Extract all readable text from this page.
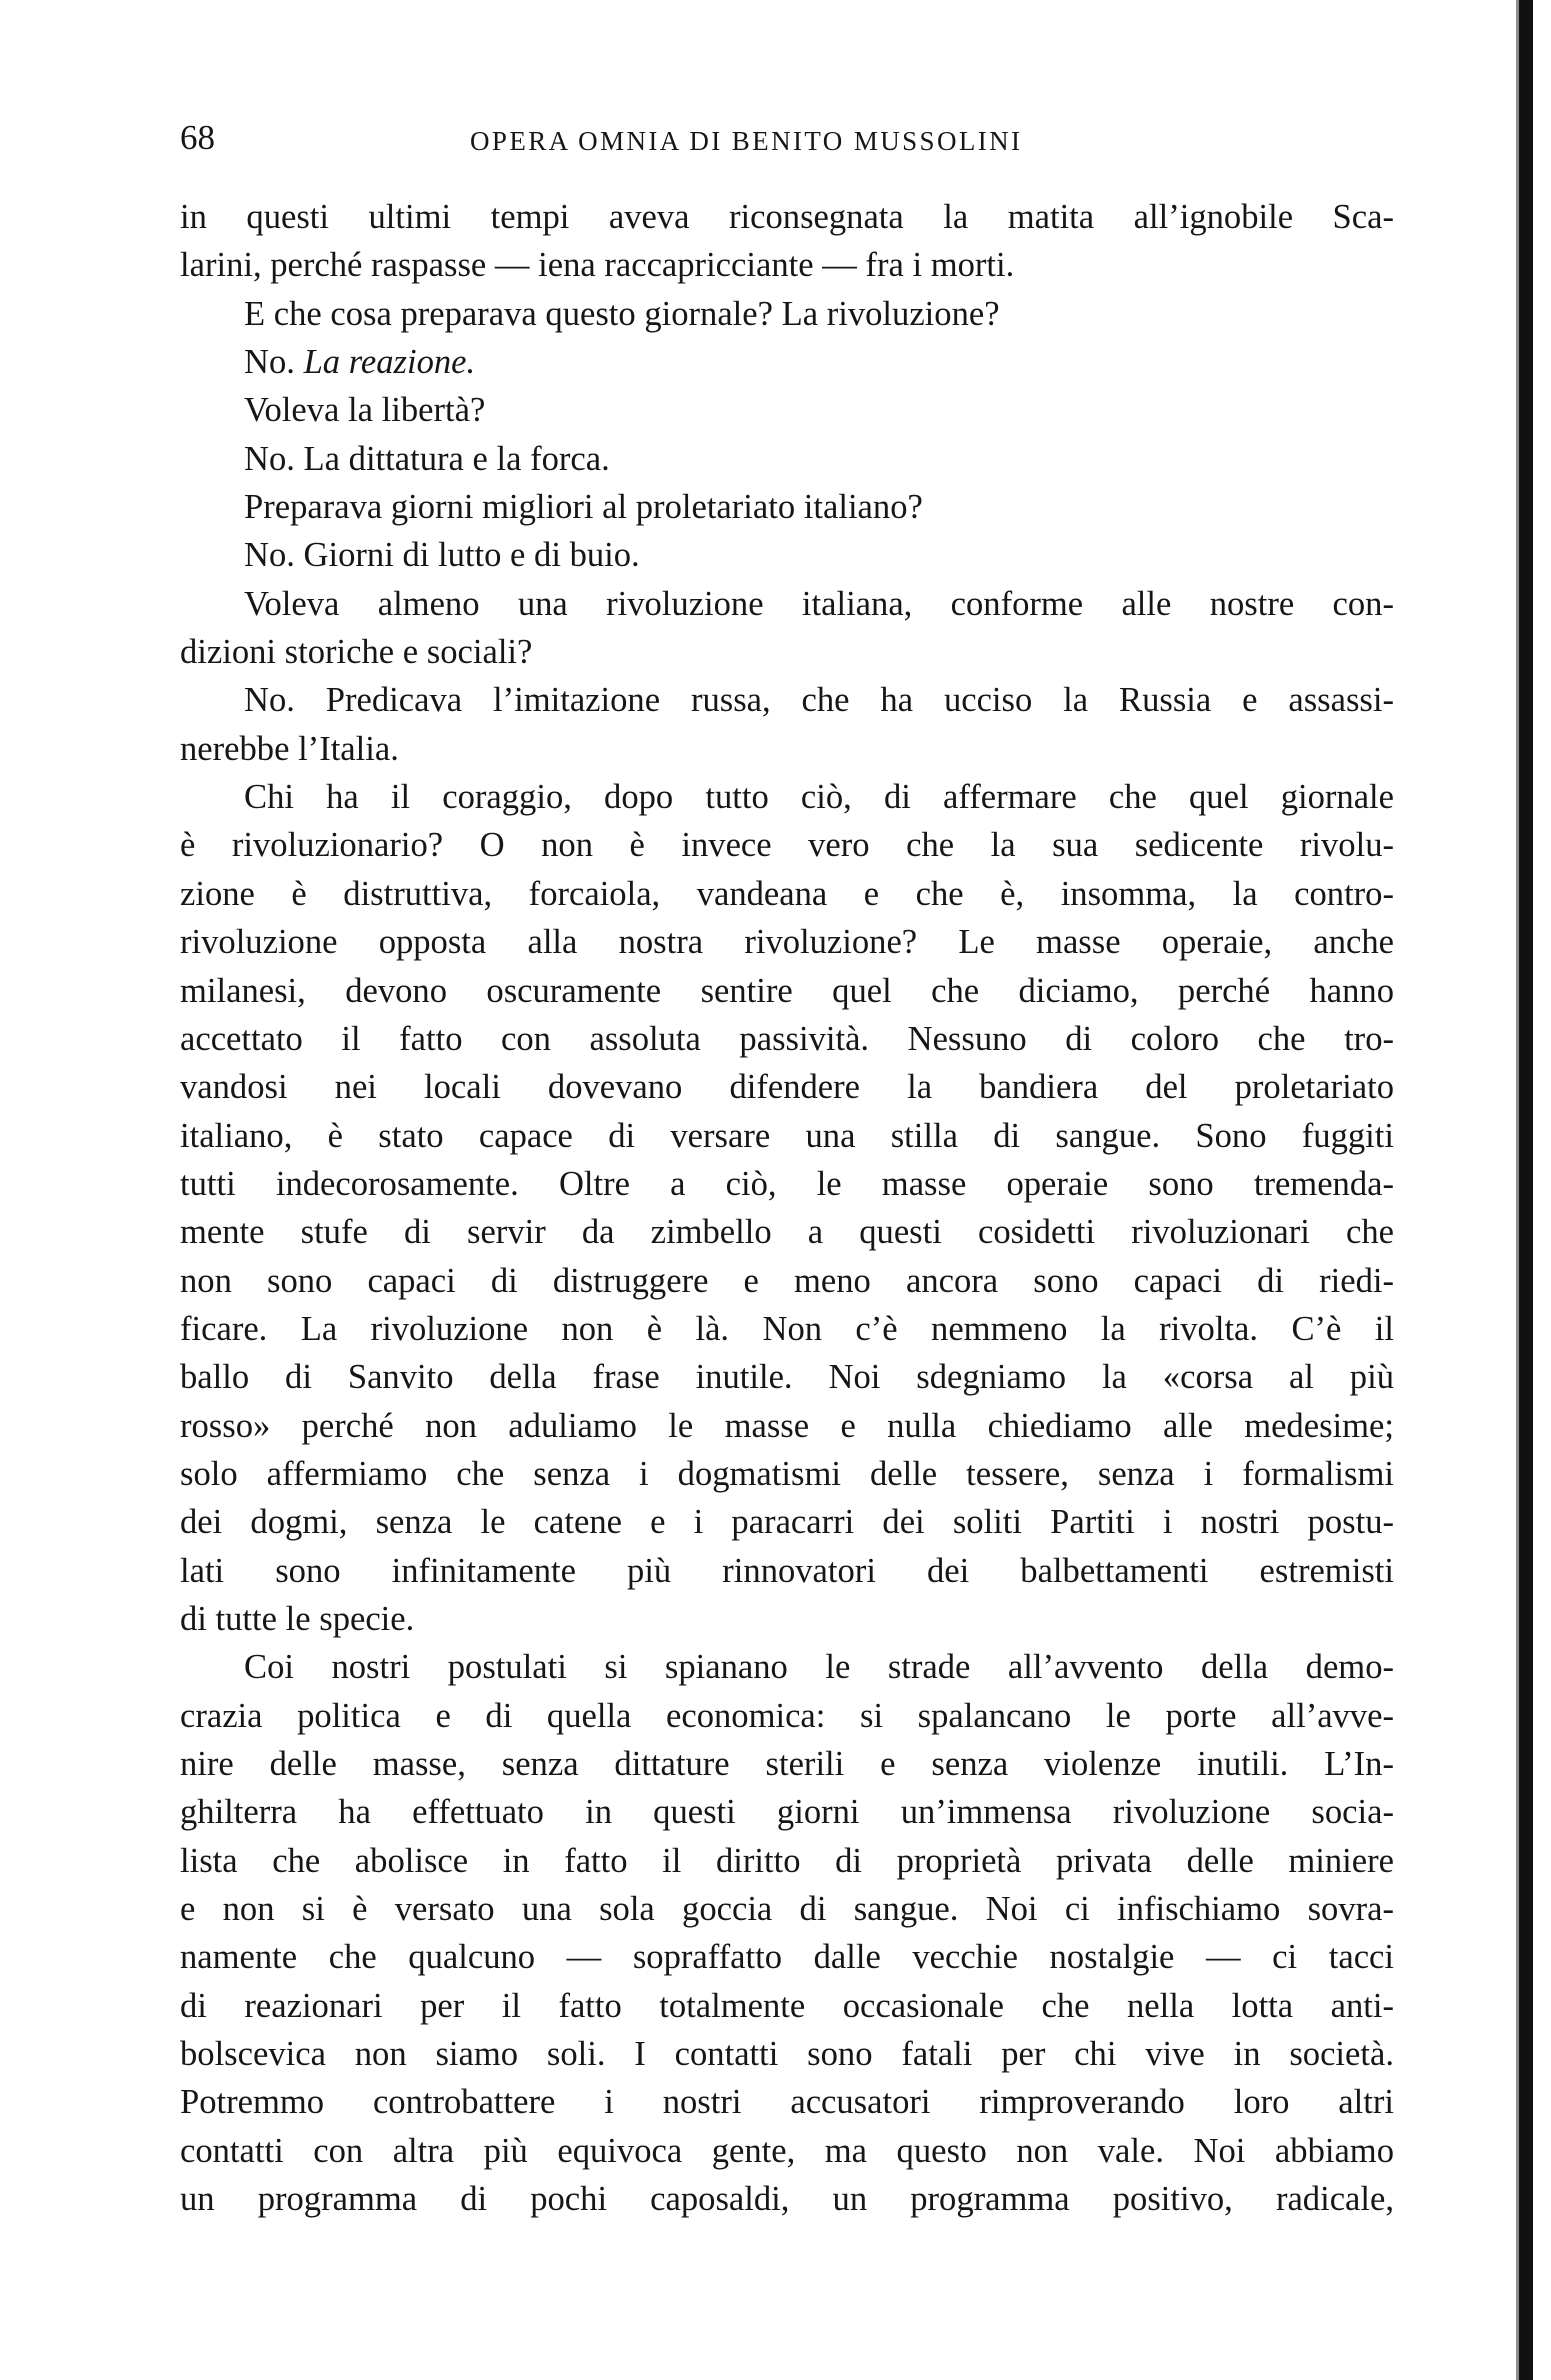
68	OPERA OMNIA DI BENITO MUSSOLINI
in questi ultimi tempi aveva riconsegnata la matita all’ignobile Sca-
larini, perché raspasse — iena raccapricciante — fra i morti.
E che cosa preparava questo giornale? La rivoluzione?
No. La reazione.
Voleva la libertà?
No. La dittatura e la forca.
Preparava giorni migliori al proletariato italiano?
No. Giorni di lutto e di buio.
Voleva almeno una rivoluzione italiana, conforme alle nostre con-
dizioni storiche e sociali?
No. Predicava l’imitazione russa, che ha ucciso la Russia e assassi-
nerebbe l’Italia.
Chi ha il coraggio, dopo tutto ciò, di affermare che quel giornale
è rivoluzionario? O non è invece vero che la sua sedicente rivolu-
zione è distruttiva, forcaiola, vandeana e che è, insomma, la contro-
rivoluzione opposta alla nostra rivoluzione? Le masse operaie, anche
milanesi, devono oscuramente sentire quel che diciamo, perché hanno
accettato il fatto con assoluta passività. Nessuno di coloro che tro-
vandosi nei locali dovevano difendere la bandiera del proletariato
italiano, è stato capace di versare una stilla di sangue. Sono fuggiti
tutti indecorosamente. Oltre a ciò, le masse operaie sono tremenda-
mente stufe di servir da zimbello a questi cosidetti rivoluzionari che
non sono capaci di distruggere e meno ancora sono capaci di riedi-
ficare. La rivoluzione non è là. Non c’è nemmeno la rivolta. C’è il
ballo di Sanvito della frase inutile. Noi sdegniamo la «corsa al più
rosso» perché non aduliamo le masse e nulla chiediamo alle medesime;
solo affermiamo che senza i dogmatismi delle tessere, senza i formalismi
dei dogmi, senza le catene e i paracarri dei soliti Partiti i nostri postu-
lati sono infinitamente più rinnovatori dei balbettamenti estremisti
di tutte le specie.
Coi nostri postulati si spianano le strade all’avvento della demo-
crazia politica e di quella economica: si spalancano le porte all’avve-
nire delle masse, senza dittature sterili e senza violenze inutili. L’In-
ghilterra ha effettuato in questi giorni un’immensa rivoluzione socia-
lista che abolisce in fatto il diritto di proprietà privata delle miniere
e non si è versato una sola goccia di sangue. Noi ci infischiamo sovra-
namente che qualcuno — sopraffatto dalle vecchie nostalgie — ci tacci
di reazionari per il fatto totalmente occasionale che nella lotta anti-
bolscevica non siamo soli. I contatti sono fatali per chi vive in società.
Potremmo controbattere i nostri accusatori rimproverando loro altri
contatti con altra più equivoca gente, ma questo non vale. Noi abbiamo
un programma di pochi caposaldi, un programma positivo, radicale,
